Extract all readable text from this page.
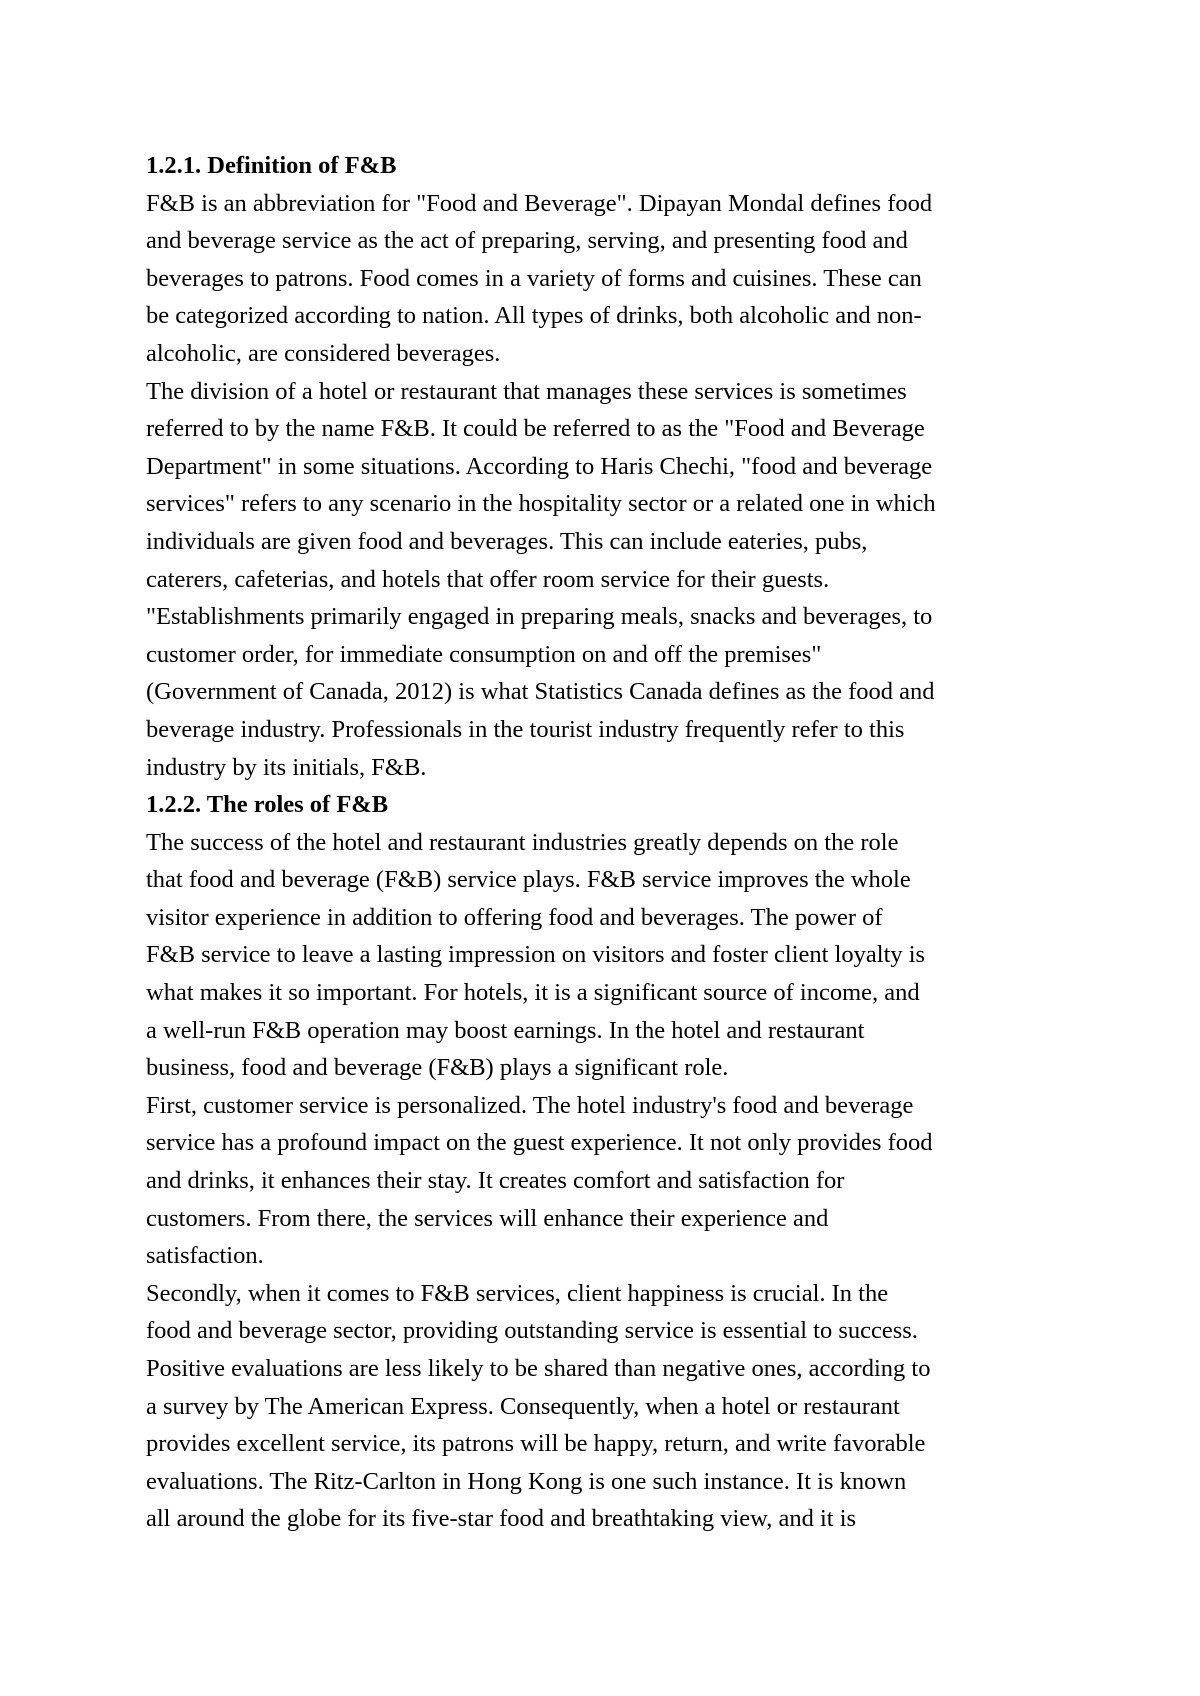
1.2.1. Definition of F&B

F&B is an abbreviation for "Food and Beverage". Dipayan Mondal defines food
and beverage service as the act of preparing, serving, and presenting food and
beverages to patrons. Food comes in a variety of forms and cuisines. These can
be categorized according to nation. All types of drinks, both alcoholic and non-
alcoholic, are considered beverages.

The division of a hotel or restaurant that manages these services is sometimes
referred to by the name F&B. It could be referred to as the "Food and Beverage
Department" in some situations. According to Haris Chechi, "food and beverage
services" refers to any scenario in the hospitality sector or a related one in which
individuals are given food and beverages. This can include eateries, pubs,
caterers, cafeterias, and hotels that offer room service for their guests.

"Establishments primarily engaged in preparing meals, snacks and beverages, to
customer order, for immediate consumption on and off the premises"
(Government of Canada, 2012) is what Statistics Canada defines as the food and
beverage industry. Professionals in the tourist industry frequently refer to this
industry by its initials, F&B.

1.2.2. The roles of F&B

The success of the hotel and restaurant industries greatly depends on the role
that food and beverage (F&B) service plays. F&B service improves the whole
visitor experience in addition to offering food and beverages. The power of
F&B service to leave a lasting impression on visitors and foster client loyalty is
what makes it so important. For hotels, it is a significant source of income, and
a well-run F&B operation may boost earnings. In the hotel and restaurant
business, food and beverage (F&B) plays a significant role.

First, customer service is personalized. The hotel industry's food and beverage
service has a profound impact on the guest experience. It not only provides food
and drinks, it enhances their stay. It creates comfort and satisfaction for
customers. From there, the services will enhance their experience and
satisfaction.

Secondly, when it comes to F&B services, client happiness is crucial. In the
food and beverage sector, providing outstanding service is essential to success.
Positive evaluations are less likely to be shared than negative ones, according to
a survey by The American Express. Consequently, when a hotel or restaurant
provides excellent service, its patrons will be happy, return, and write favorable
evaluations. The Ritz-Carlton in Hong Kong is one such instance. It is known
all around the globe for its five-star food and breathtaking view, and it is
